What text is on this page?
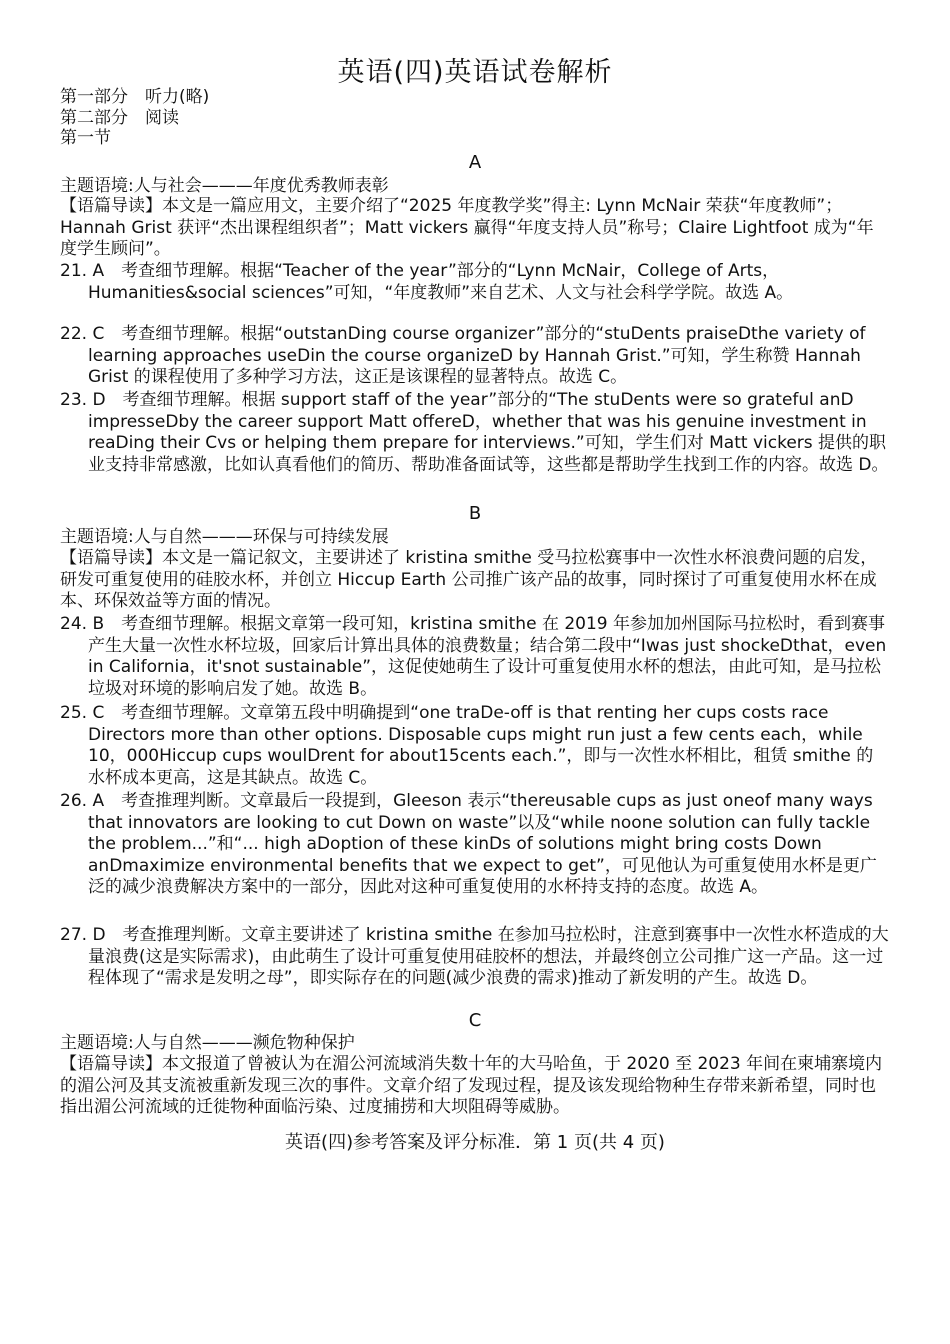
英语(四)英语试卷解析
第一部分　听力(略)
第二部分　阅读
第一节
A
主题语境:人与社会———年度优秀教师表彰
【语篇导读】本文是一篇应用文，主要介绍了“2025 年度教学奖”得主: Lynn McNair 荣获“年度教师”；Hannah Grist 获评“杰出课程组织者”；Matt vickers 赢得“年度支持人员”称号；Claire Lightfoot 成为“年度学生顾问”。
21. A　考查细节理解。根据“Teacher of the year”部分的“Lynn McNair，College of Arts，Humanities&social sciences”可知，“年度教师”来自艺术、人文与社会科学学院。故选 A。
22. C　考查细节理解。根据“outstanDing course organizer”部分的“stuDents praiseDthe variety of learning approaches useDin the course organizeD by Hannah Grist.”可知，学生称赞 Hannah Grist 的课程使用了多种学习方法，这正是该课程的显著特点。故选 C。
23. D　考查细节理解。根据 support staff of the year”部分的“The stuDents were so grateful anD impresseDby the career support Matt offereD，whether that was his genuine investment in reaDing their Cvs or helping them prepare for interviews.”可知，学生们对 Matt vickers 提供的职业支持非常感激，比如认真看他们的简历、帮助准备面试等，这些都是帮助学生找到工作的内容。故选 D。
B
主题语境:人与自然———环保与可持续发展
【语篇导读】本文是一篇记叙文，主要讲述了 kristina smithe 受马拉松赛事中一次性水杯浪费问题的启发，研发可重复使用的硅胶水杯，并创立 Hiccup Earth 公司推广该产品的故事，同时探讨了可重复使用水杯在成本、环保效益等方面的情况。
24. B　考查细节理解。根据文章第一段可知，kristina smithe 在 2019 年参加加州国际马拉松时，看到赛事产生大量一次性水杯垃圾，回家后计算出具体的浪费数量；结合第二段中“Iwas just shockeDthat，even in California，it'snot sustainable”，这促使她萌生了设计可重复使用水杯的想法，由此可知，是马拉松垃圾对环境的影响启发了她。故选 B。
25. C　考查细节理解。文章第五段中明确提到“one traDe-off is that renting her cups costs race Directors more than other options. Disposable cups might run just a few cents each，while 10，000Hiccup cups woulDrent for about15cents each.”，即与一次性水杯相比，租赁 smithe 的水杯成本更高，这是其缺点。故选 C。
26. A　考查推理判断。文章最后一段提到，Gleeson 表示“thereusable cups as just oneof many ways that innovators are looking to cut Down on waste”以及“while noone solution can fully tackle the problem...”和“... high aDoption of these kinDs of solutions might bring costs Down anDmaximize environmental benefits that we expect to get”，可见他认为可重复使用水杯是更广泛的减少浪费解决方案中的一部分，因此对这种可重复使用的水杯持支持的态度。故选 A。
27. D　考查推理判断。文章主要讲述了 kristina smithe 在参加马拉松时，注意到赛事中一次性水杯造成的大量浪费(这是实际需求)，由此萌生了设计可重复使用硅胶杯的想法，并最终创立公司推广这一产品。这一过程体现了“需求是发明之母”，即实际存在的问题(减少浪费的需求)推动了新发明的产生。故选 D。
C
主题语境:人与自然———濒危物种保护
【语篇导读】本文报道了曾被认为在湄公河流域消失数十年的大马哈鱼，于 2020 至 2023 年间在柬埔寨境内的湄公河及其支流被重新发现三次的事件。文章介绍了发现过程，提及该发现给物种生存带来新希望，同时也指出湄公河流域的迁徙物种面临污染、过度捕捞和大坝阻碍等威胁。
英语(四)参考答案及评分标准．第 1 页(共 4 页)
